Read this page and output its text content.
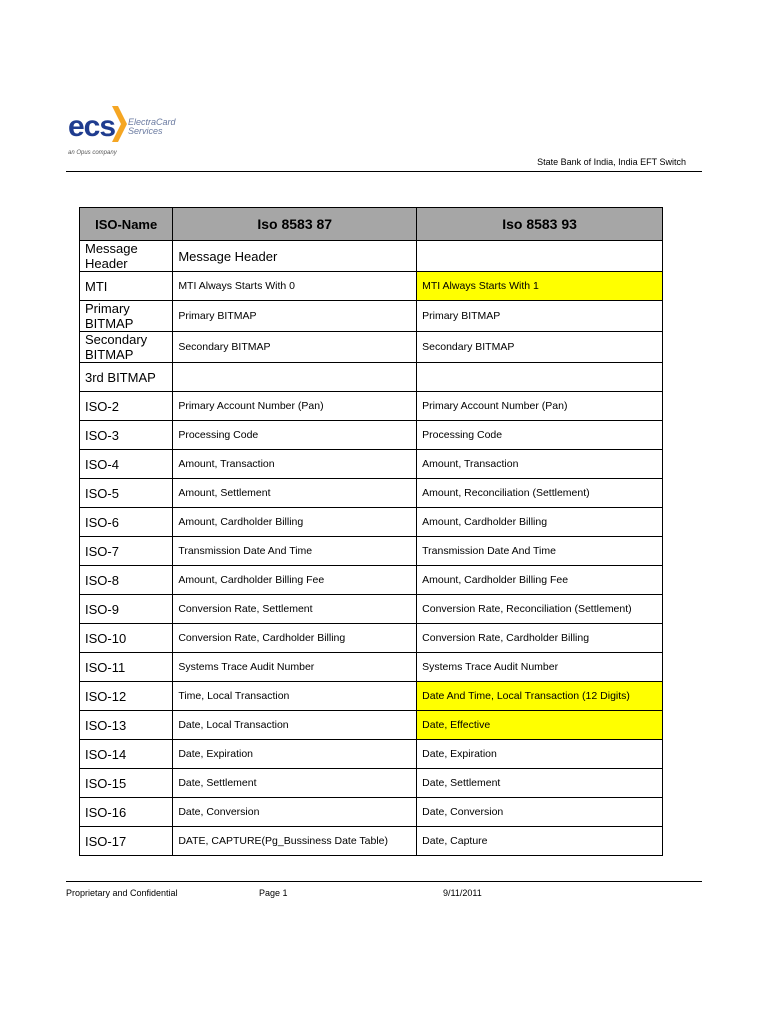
ecs ElectraCard
Services
an Opus company
State Bank of India, India EFT Switch
ISO-Name	Iso 8583 87	Iso 8583 93
Message Header	Message Header	
MTI	MTI Always Starts With 0	MTI Always Starts With 1
Primary BITMAP	Primary BITMAP	Primary BITMAP
Secondary BITMAP	Secondary BITMAP	Secondary BITMAP
3rd BITMAP		
ISO-2	Primary Account Number (Pan)	Primary Account Number (Pan)
ISO-3	Processing Code	Processing Code
ISO-4	Amount, Transaction	Amount, Transaction
ISO-5	Amount, Settlement	Amount, Reconciliation (Settlement)
ISO-6	Amount, Cardholder Billing	Amount, Cardholder Billing
ISO-7	Transmission Date And Time	Transmission Date And Time
ISO-8	Amount, Cardholder Billing Fee	Amount, Cardholder Billing Fee
ISO-9	Conversion Rate, Settlement	Conversion Rate, Reconciliation (Settlement)
ISO-10	Conversion Rate, Cardholder Billing	Conversion Rate, Cardholder Billing
ISO-11	Systems Trace Audit Number	Systems Trace Audit Number
ISO-12	Time, Local Transaction	Date And Time, Local Transaction (12 Digits)
ISO-13	Date, Local Transaction	Date, Effective
ISO-14	Date, Expiration	Date, Expiration
ISO-15	Date, Settlement	Date, Settlement
ISO-16	Date, Conversion	Date, Conversion
ISO-17	DATE, CAPTURE(Pg_Bussiness Date Table)	Date, Capture
Proprietary and Confidential	Page 1	9/11/2011
